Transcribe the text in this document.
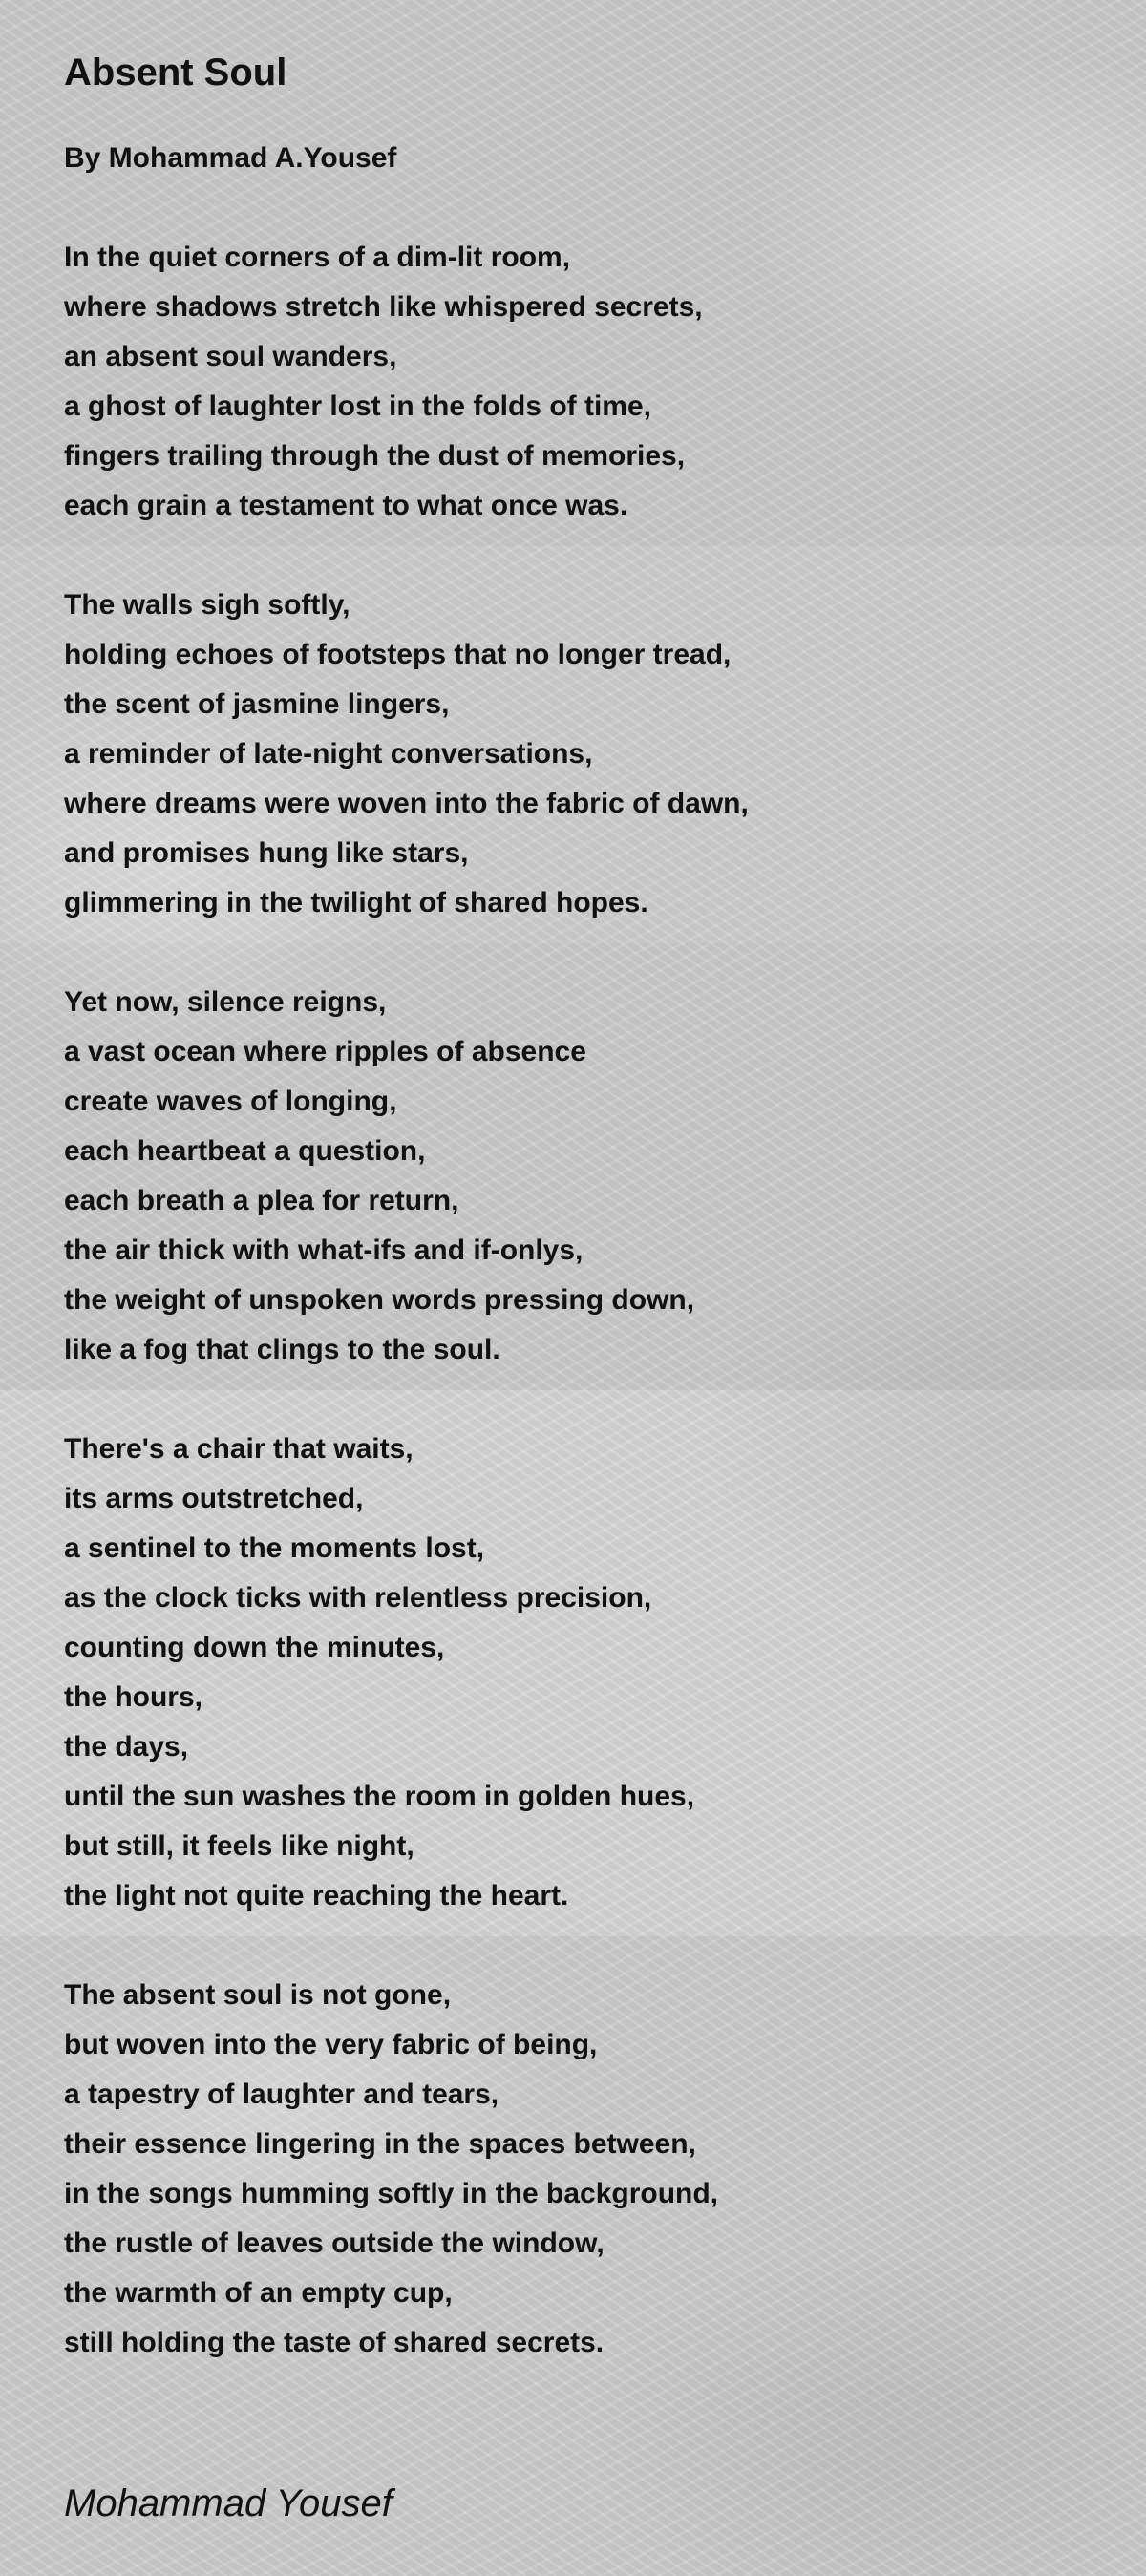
Absent Soul
By Mohammad A.Yousef
In the quiet corners of a dim-lit room,
where shadows stretch like whispered secrets,
an absent soul wanders,
a ghost of laughter lost in the folds of time,
fingers trailing through the dust of memories,
each grain a testament to what once was.
The walls sigh softly,
holding echoes of footsteps that no longer tread,
the scent of jasmine lingers,
a reminder of late-night conversations,
where dreams were woven into the fabric of dawn,
and promises hung like stars,
glimmering in the twilight of shared hopes.
Yet now, silence reigns,
a vast ocean where ripples of absence
create waves of longing,
each heartbeat a question,
each breath a plea for return,
the air thick with what-ifs and if-onlys,
the weight of unspoken words pressing down,
like a fog that clings to the soul.
There's a chair that waits,
its arms outstretched,
a sentinel to the moments lost,
as the clock ticks with relentless precision,
counting down the minutes,
the hours,
the days,
until the sun washes the room in golden hues,
but still, it feels like night,
the light not quite reaching the heart.
The absent soul is not gone,
but woven into the very fabric of being,
a tapestry of laughter and tears,
their essence lingering in the spaces between,
in the songs humming softly in the background,
the rustle of leaves outside the window,
the warmth of an empty cup,
still holding the taste of shared secrets.
Mohammad Yousef
